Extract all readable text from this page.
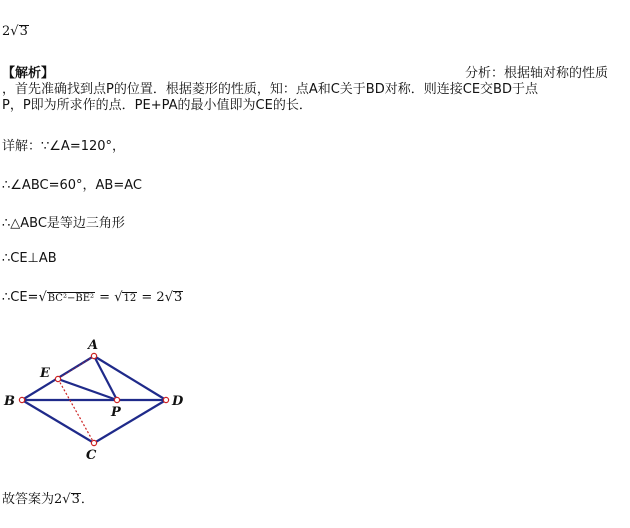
2√3
【解析】	分析：根据轴对称的性质
，首先准确找到点P的位置．根据菱形的性质，知：点A和C关于BD对称．则连接CE交BD于点
P，P即为所求作的点．PE+PA的最小值即为CE的长．
详解：∵∠A=120°，
∴∠ABC=60°，AB=AC
∴△ABC是等边三角形
∴CE⊥AB
∴CE=√BC²−BE² = √12 = 2√3
A
B
C
D
E
P
故答案为2√3．
